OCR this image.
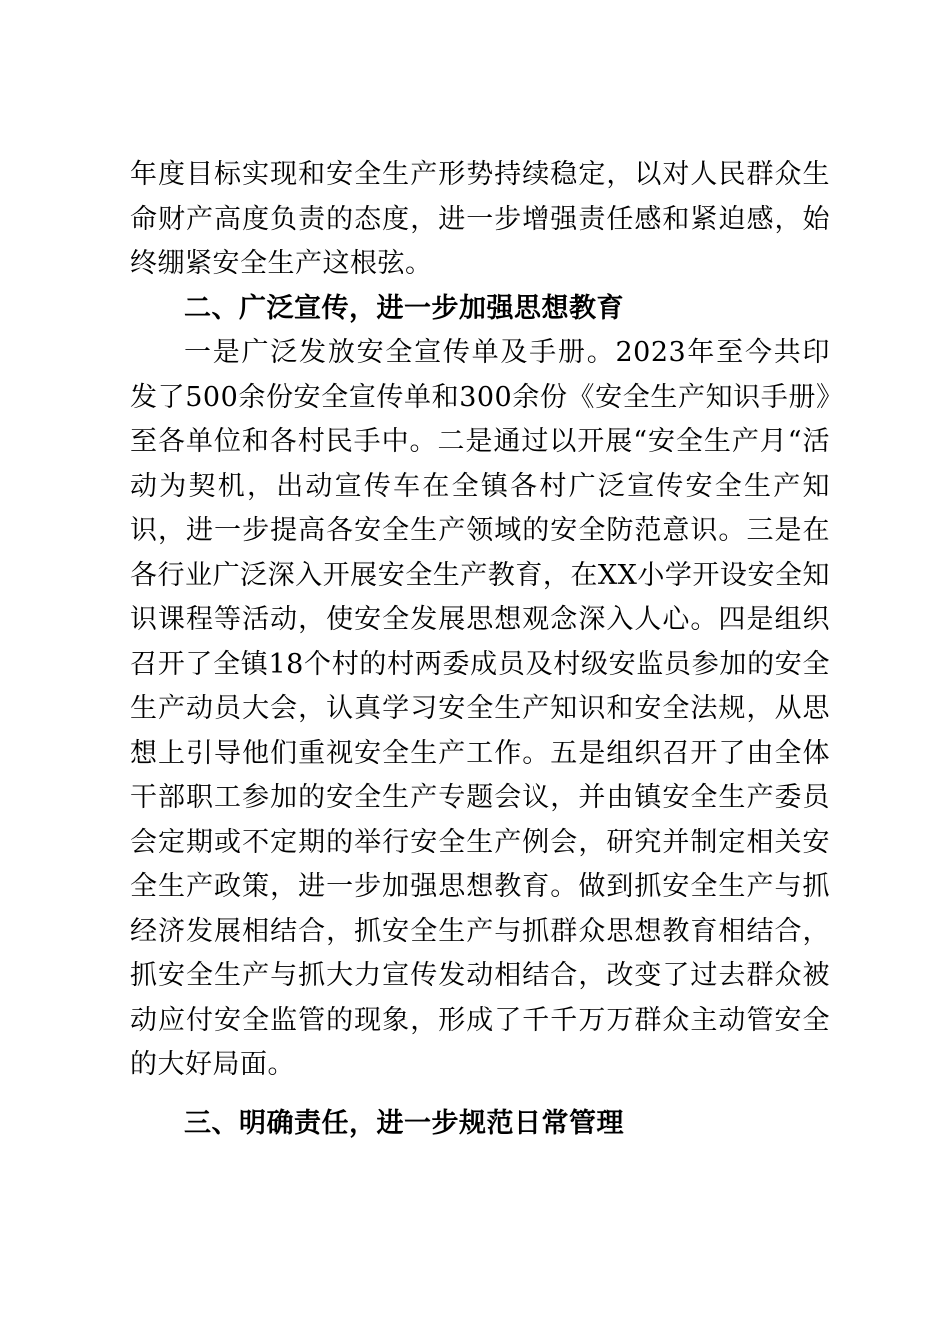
年度目标实现和安全生产形势持续稳定，以对人民群众生命财产高度负责的态度，进一步增强责任感和紧迫感，始终绷紧安全生产这根弦。

二、广泛宣传，进一步加强思想教育

一是广泛发放安全宣传单及手册。2023年至今共印发了500余份安全宣传单和300余份《安全生产知识手册》至各单位和各村民手中。二是通过以开展“安全生产月“活动为契机，出动宣传车在全镇各村广泛宣传安全生产知识，进一步提高各安全生产领域的安全防范意识。三是在各行业广泛深入开展安全生产教育，在XX小学开设安全知识课程等活动，使安全发展思想观念深入人心。四是组织召开了全镇18个村的村两委成员及村级安监员参加的安全生产动员大会，认真学习安全生产知识和安全法规，从思想上引导他们重视安全生产工作。五是组织召开了由全体干部职工参加的安全生产专题会议，并由镇安全生产委员会定期或不定期的举行安全生产例会，研究并制定相关安全生产政策，进一步加强思想教育。做到抓安全生产与抓经济发展相结合，抓安全生产与抓群众思想教育相结合，抓安全生产与抓大力宣传发动相结合，改变了过去群众被动应付安全监管的现象，形成了千千万万群众主动管安全的大好局面。

三、明确责任，进一步规范日常管理
